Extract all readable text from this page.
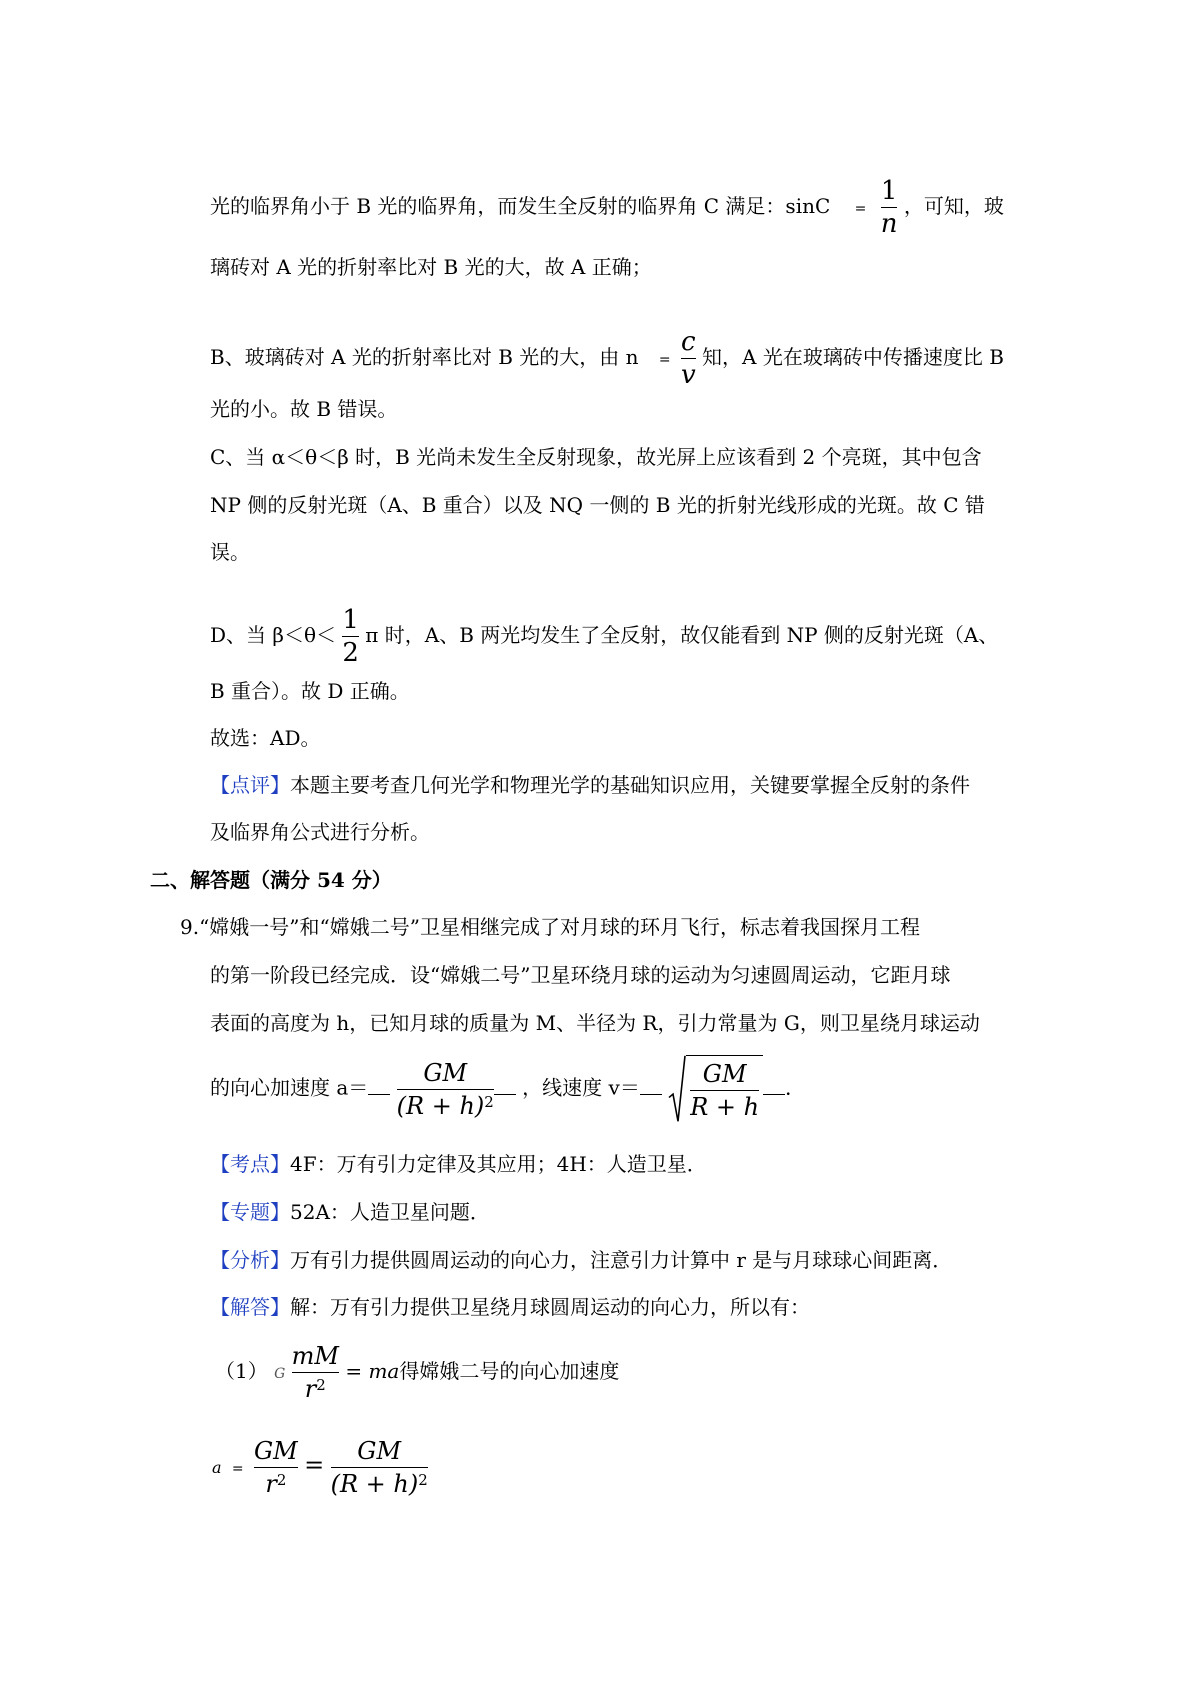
光的临界角小于 B 光的临界角，而发生全反射的临界角 C 满足：$\sin C = \frac{1}{n}$ ，可知，玻
璃砖对 A 光的折射率比对 B 光的大，故 A 正确；
B、玻璃砖对 A 光的折射率比对 B 光的大，由 $n = \frac{c}{v}$ 知，A 光在玻璃砖中传播速度比 B
光的小。故 B 错误。
C、当 α＜θ＜β 时，B 光尚未发生全反射现象，故光屏上应该看到 2 个亮斑，其中包含
NP 侧的反射光斑（A、B 重合）以及 NQ 一侧的 B 光的折射光线形成的光斑。故 C 错
误。
D、当 $\beta<\theta< \frac{1}{2}$ π 时，A、B 两光均发生了全反射，故仅能看到 NP 侧的反射光斑（A、
B 重合）。故 D 正确。
故选：AD。
【点评】本题主要考查几何光学和物理光学的基础知识应用，关键要掌握全反射的条件
及临界角公式进行分析。
二、解答题（满分 54 分）
9.“嫦娥一号”和“嫦娥二号”卫星相继完成了对月球的环月飞行，标志着我国探月工程
的第一阶段已经完成．设“嫦娥二号”卫星环绕月球的运动为匀速圆周运动，它距月球
表面的高度为 h，已知月球的质量为 M、半径为 R，引力常量为 G，则卫星绕月球运动
的向心加速度 $a= \frac{GM}{(R + h)^2}$ ，线速度 $v= \frac{GM}{R + h}$ ．
【考点】4F：万有引力定律及其应用；4H：人造卫星．
【专题】52A：人造卫星问题．
【分析】万有引力提供圆周运动的向心力，注意引力计算中 r 是与月球球心间距离．
【解答】解：万有引力提供卫星绕月球圆周运动的向心力，所以有：
（1） G $\frac{mM}{r^2}$ = ma得嫦娥二号的向心加速度
$a = \frac{GM}{r^2} = \frac{GM}{(R + h)^2}$
